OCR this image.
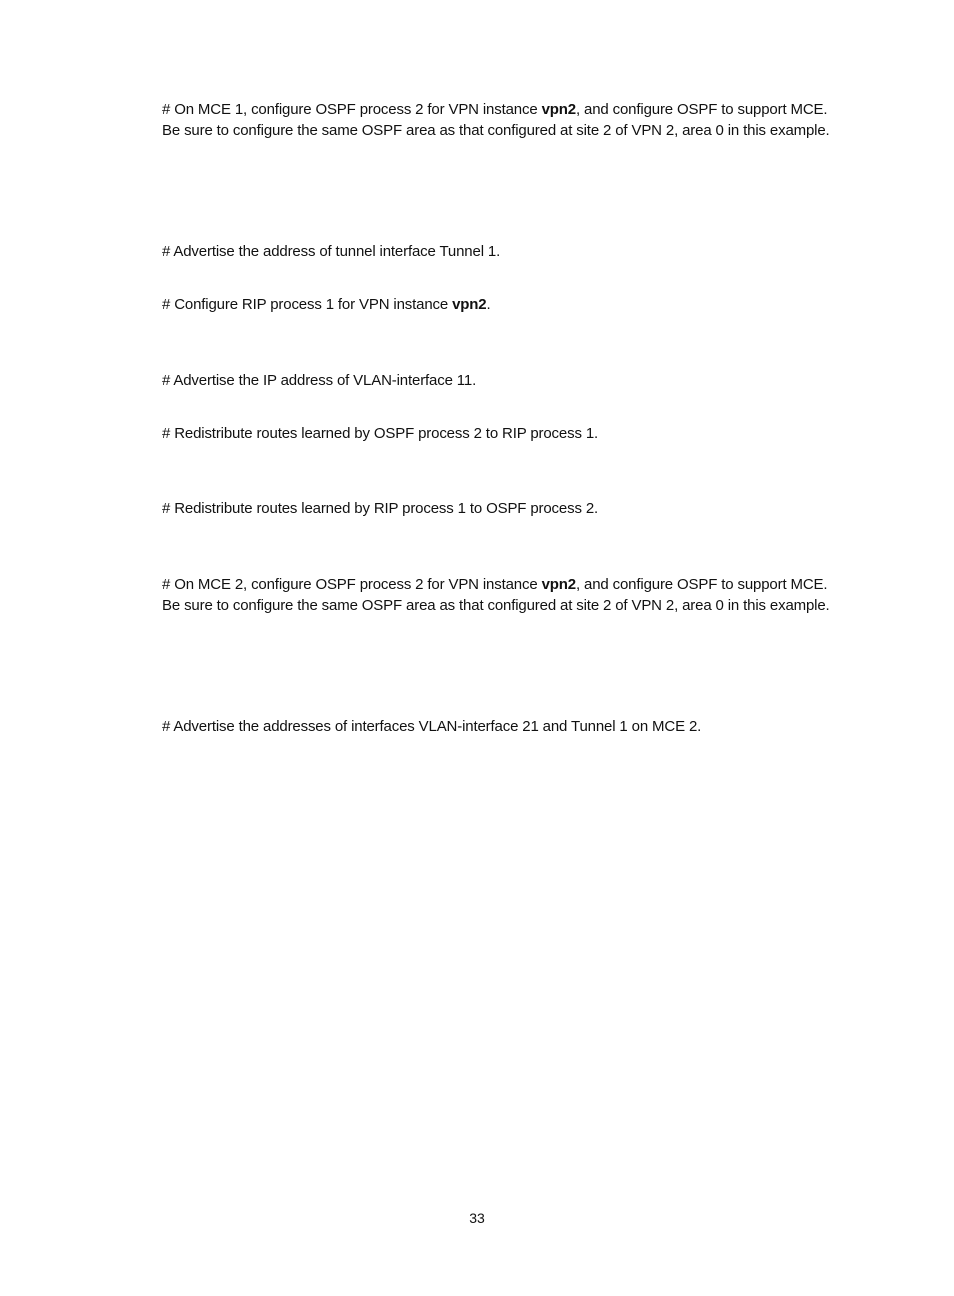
# On MCE 1, configure OSPF process 2 for VPN instance vpn2, and configure OSPF to support MCE.
Be sure to configure the same OSPF area as that configured at site 2 of VPN 2, area 0 in this example.
# Advertise the address of tunnel interface Tunnel 1.
# Configure RIP process 1 for VPN instance vpn2.
# Advertise the IP address of VLAN-interface 11.
# Redistribute routes learned by OSPF process 2 to RIP process 1.
# Redistribute routes learned by RIP process 1 to OSPF process 2.
# On MCE 2, configure OSPF process 2 for VPN instance vpn2, and configure OSPF to support MCE.
Be sure to configure the same OSPF area as that configured at site 2 of VPN 2, area 0 in this example.
# Advertise the addresses of interfaces VLAN-interface 21 and Tunnel 1 on MCE 2.
33
